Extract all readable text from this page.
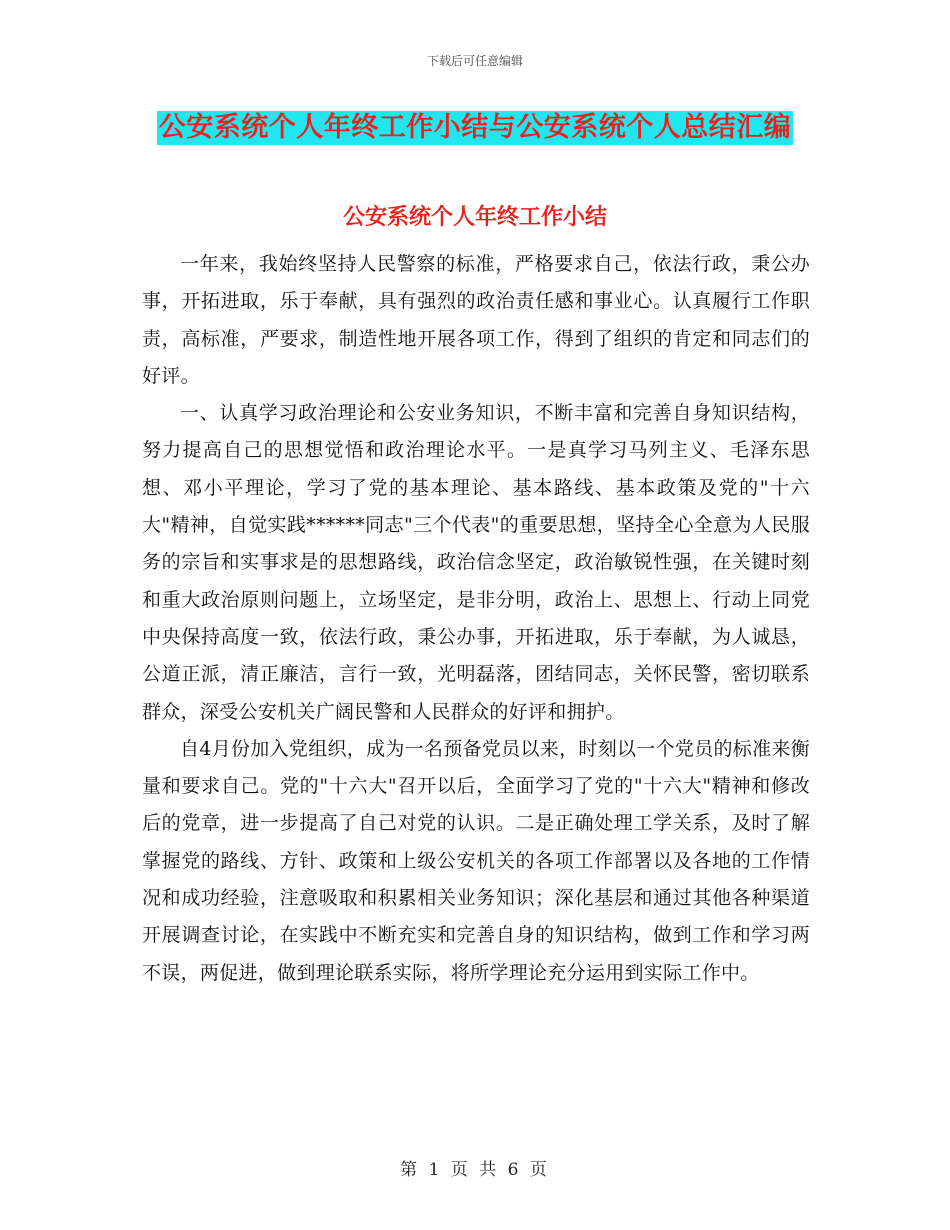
下载后可任意编辑
公安系统个人年终工作小结与公安系统个人总结汇编
公安系统个人年终工作小结

一年来，我始终坚持人民警察的标准，严格要求自己，依法行政，秉公办事，开拓进取，乐于奉献，具有强烈的政治责任感和事业心。认真履行工作职责，高标准，严要求，制造性地开展各项工作，得到了组织的肯定和同志们的好评。

一、认真学习政治理论和公安业务知识，不断丰富和完善自身知识结构，努力提高自己的思想觉悟和政治理论水平。一是真学习马列主义、毛泽东思想、邓小平理论，学习了党的基本理论、基本路线、基本政策及党的"十六大"精神，自觉实践******同志"三个代表"的重要思想，坚持全心全意为人民服务的宗旨和实事求是的思想路线，政治信念坚定，政治敏锐性强，在关键时刻和重大政治原则问题上，立场坚定，是非分明，政治上、思想上、行动上同党中央保持高度一致，依法行政，秉公办事，开拓进取，乐于奉献，为人诚恳，公道正派，清正廉洁，言行一致，光明磊落，团结同志，关怀民警，密切联系群众，深受公安机关广阔民警和人民群众的好评和拥护。

自4月份加入党组织，成为一名预备党员以来，时刻以一个党员的标准来衡量和要求自己。党的"十六大"召开以后，全面学习了党的"十六大"精神和修改后的党章，进一步提高了自己对党的认识。二是正确处理工学关系，及时了解掌握党的路线、方针、政策和上级公安机关的各项工作部署以及各地的工作情况和成功经验，注意吸取和积累相关业务知识；深化基层和通过其他各种渠道开展调查讨论，在实践中不断充实和完善自身的知识结构，做到工作和学习两不误，两促进，做到理论联系实际，将所学理论充分运用到实际工作中。

第 1 页 共 6 页
